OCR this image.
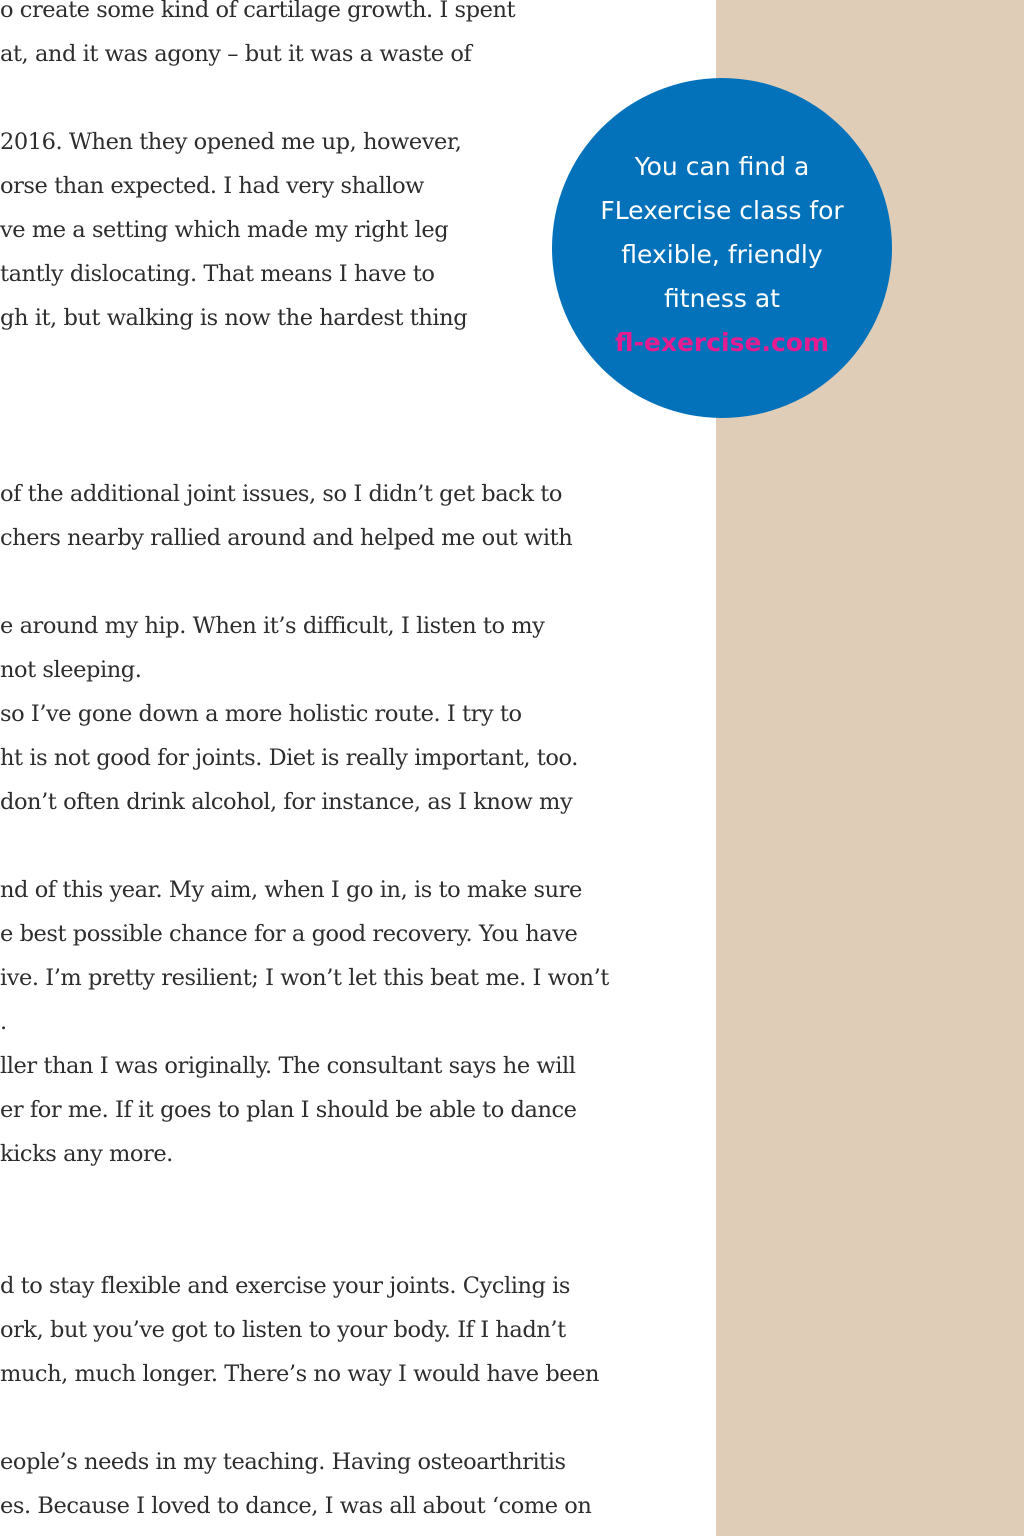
o create some kind of cartilage growth. I spent

at, and it was agony – but it was a waste of

2016. When they opened me up, however,

orse than expected. I had very shallow

ve me a setting which made my right leg

tantly dislocating. That means I have to

gh it, but walking is now the hardest thing

of the additional joint issues, so I didn’t get back to

chers nearby rallied around and helped me out with

e around my hip. When it’s difficult, I listen to my

not sleeping.

so I’ve gone down a more holistic route. I try to

ht is not good for joints. Diet is really important, too.

don’t often drink alcohol, for instance, as I know my

nd of this year. My aim, when I go in, is to make sure

e best possible chance for a good recovery. You have

ive. I’m pretty resilient; I won’t let this beat me. I won’t

.

ller than I was originally. The consultant says he will

er for me. If it goes to plan I should be able to dance

kicks any more.

d to stay flexible and exercise your joints. Cycling is

ork, but you’ve got to listen to your body. If I hadn’t

much, much longer. There’s no way I would have been

eople’s needs in my teaching. Having osteoarthritis

es. Because I loved to dance, I was all about ‘come on

You can find a
FLexercise class for
flexible, friendly
fitness at
fl-exercise.com
